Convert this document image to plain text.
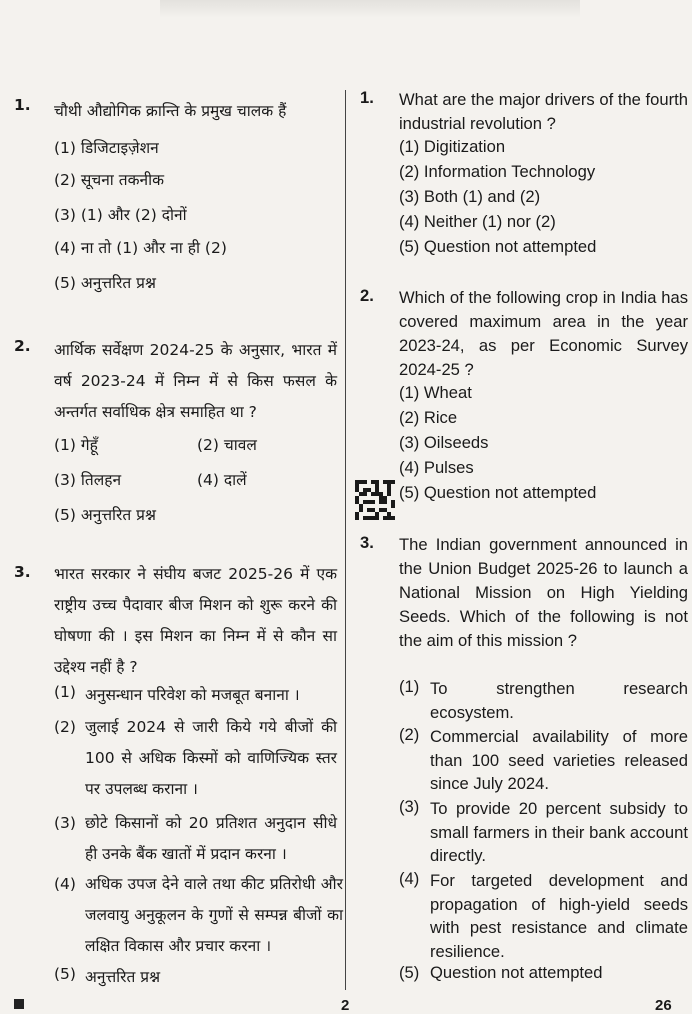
1. चौथी औद्योगिक क्रान्ति के प्रमुख चालक हैं
(1) डिजिटाइज़ेशन
(2) सूचना तकनीक
(3) (1) और (2) दोनों
(4) ना तो (1) और ना ही (2)
(5) अनुत्तरित प्रश्न
2. आर्थिक सर्वेक्षण 2024-25 के अनुसार, भारत में वर्ष 2023-24 में निम्न में से किस फसल के अन्तर्गत सर्वाधिक क्षेत्र समाहित था ?
(1) गेहूँ	(2) चावल
(3) तिलहन	(4) दालें
(5) अनुत्तरित प्रश्न
3. भारत सरकार ने संघीय बजट 2025-26 में एक राष्ट्रीय उच्च पैदावार बीज मिशन को शुरू करने की घोषणा की । इस मिशन का निम्न में से कौन सा उद्देश्य नहीं है ?
(1) अनुसन्धान परिवेश को मजबूत बनाना ।
(2) जुलाई 2024 से जारी किये गये बीजों की 100 से अधिक किस्मों को वाणिज्यिक स्तर पर उपलब्ध कराना ।
(3) छोटे किसानों को 20 प्रतिशत अनुदान सीधे ही उनके बैंक खातों में प्रदान करना ।
(4) अधिक उपज देने वाले तथा कीट प्रतिरोधी और जलवायु अनुकूलन के गुणों से सम्पन्न बीजों का लक्षित विकास और प्रचार करना ।
(5) अनुत्तरित प्रश्न
1. What are the major drivers of the fourth industrial revolution ?
(1) Digitization
(2) Information Technology
(3) Both (1) and (2)
(4) Neither (1) nor (2)
(5) Question not attempted
2. Which of the following crop in India has covered maximum area in the year 2023-24, as per Economic Survey 2024-25 ?
(1) Wheat
(2) Rice
(3) Oilseeds
(4) Pulses
(5) Question not attempted
3. The Indian government announced in the Union Budget 2025-26 to launch a National Mission on High Yielding Seeds. Which of the following is not the aim of this mission ?
(1) To strengthen research ecosystem.
(2) Commercial availability of more than 100 seed varieties released since July 2024.
(3) To provide 20 percent subsidy to small farmers in their bank account directly.
(4) For targeted development and propagation of high-yield seeds with pest resistance and climate resilience.
(5) Question not attempted
2	26
